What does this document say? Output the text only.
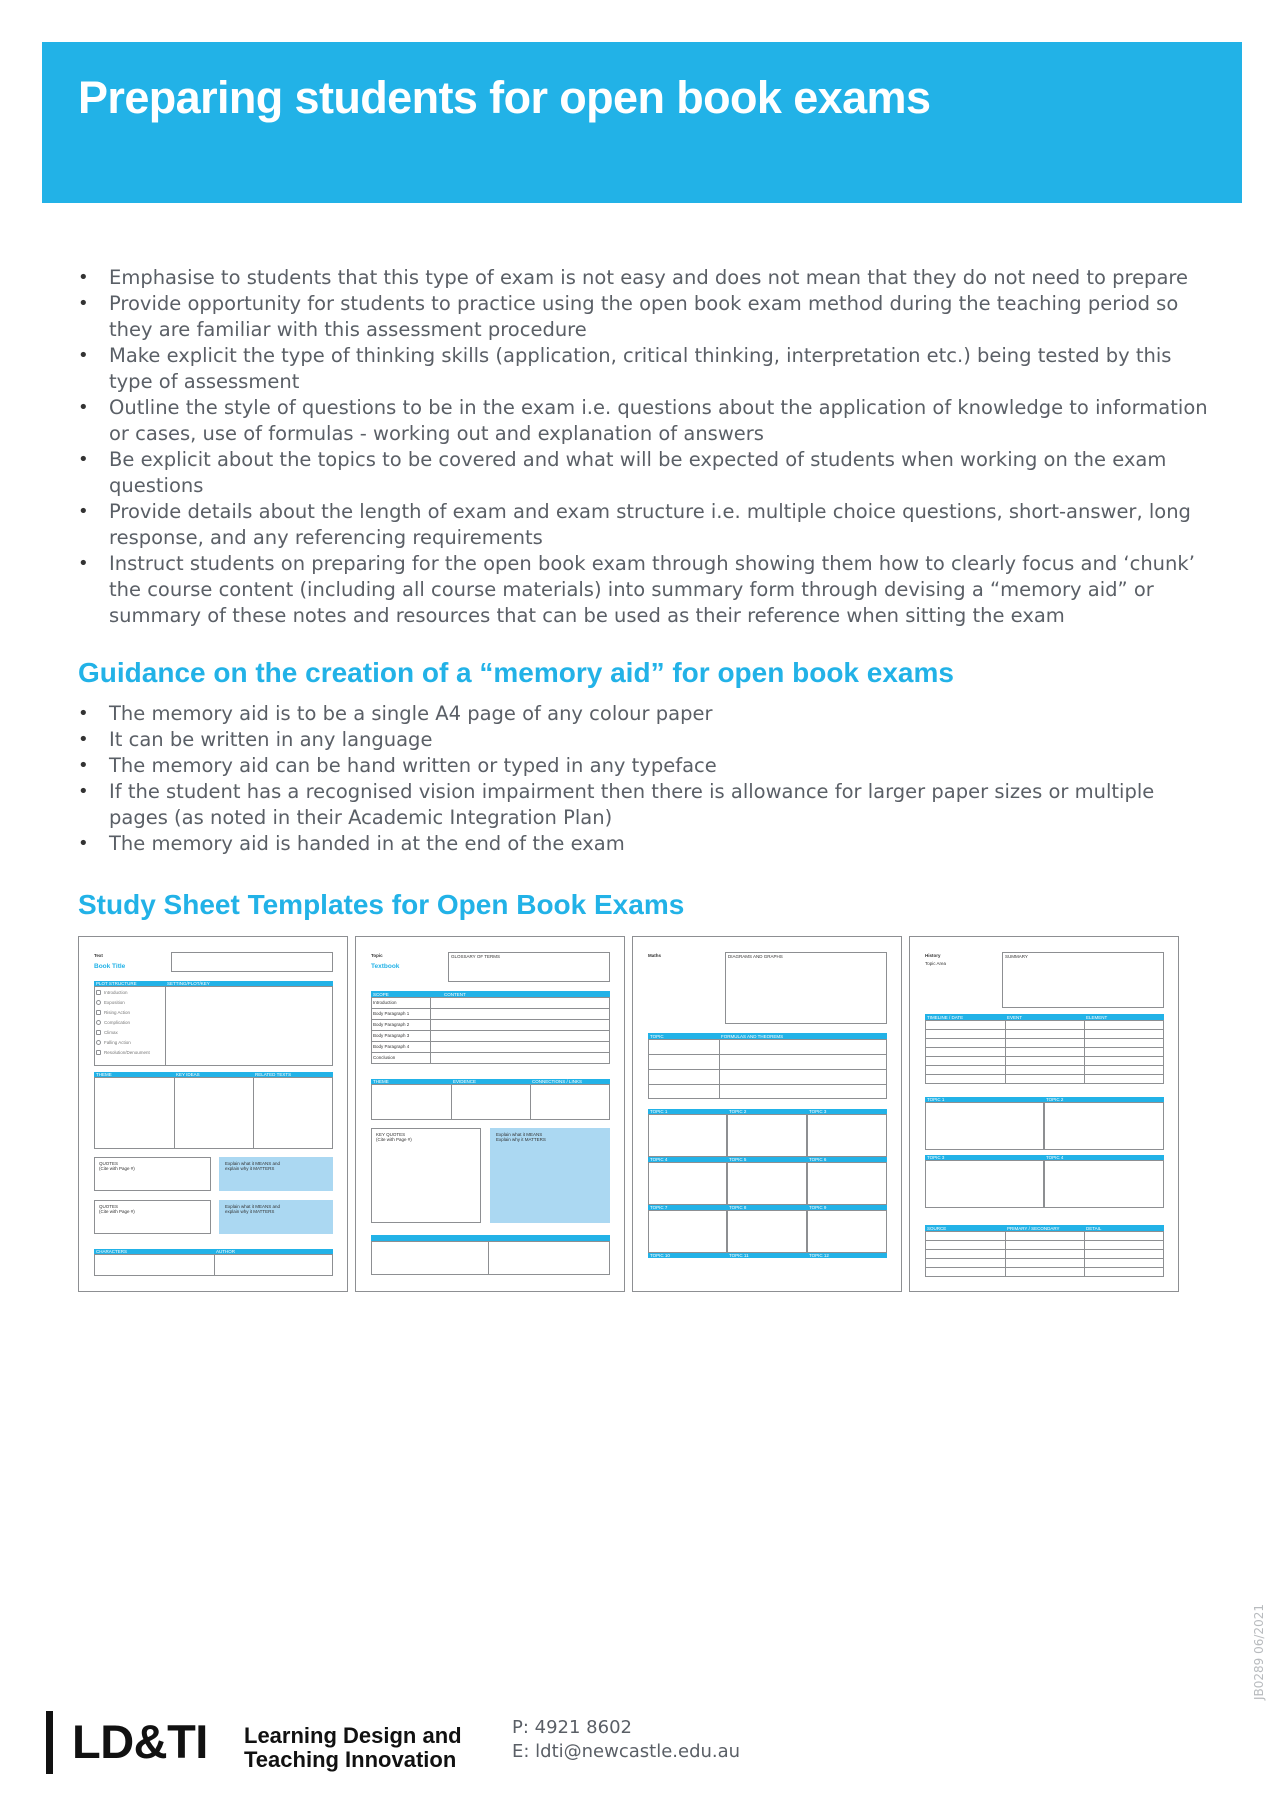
Preparing students for open book exams
• Emphasise to students that this type of exam is not easy and does not mean that they do not need to prepare
• Provide opportunity for students to practice using the open book exam method during the teaching period so they are familiar with this assessment procedure
• Make explicit the type of thinking skills (application, critical thinking, interpretation etc.) being tested by this type of assessment
• Outline the style of questions to be in the exam i.e. questions about the application of knowledge to information or cases, use of formulas - working out and explanation of answers
• Be explicit about the topics to be covered and what will be expected of students when working on the exam questions
• Provide details about the length of exam and exam structure i.e. multiple choice questions, short-answer, long response, and any referencing requirements
• Instruct students on preparing for the open book exam through showing them how to clearly focus and ‘chunk’ the course content (including all course materials) into summary form through devising a “memory aid” or summary of these notes and resources that can be used as their reference when sitting the exam
Guidance on the creation of a “memory aid” for open book exams
• The memory aid is to be a single A4 page of any colour paper
• It can be written in any language
• The memory aid can be hand written or typed in any typeface
• If the student has a recognised vision impairment then there is allowance for larger paper sizes or multiple pages (as noted in their Academic Integration Plan)
• The memory aid is handed in at the end of the exam
Study Sheet Templates for Open Book Exams
Text
Book Title
PLOT STRUCTURE	SETTING/PLOT/KEY
Introduction
Exposition
Rising Action
Complication
Climax
Falling Action
Resolution/Denoument
THEME	KEY IDEAS	RELATED TEXTS
QUOTES
(Cite with Page #)
Explain what it MEANS and
explain why it MATTERS
QUOTES
(Cite with Page #)
Explain what it MEANS and
explain why it MATTERS
CHARACTERS	AUTHOR
Topic
Textbook
GLOSSARY OF TERMS
SCOPE	CONTENT
Introduction
Body Paragraph 1
Body Paragraph 2
Body Paragraph 3
Body Paragraph 4
Conclusion
THEME	EVIDENCE	CONNECTIONS / LINKS
KEY QUOTES
(Cite with Page #)
Explain what it MEANS
Explain why it MATTERS
Maths	DIAGRAMS AND GRAPHS
TOPIC	FORMULAS AND THEOREMS
TOPIC 1	TOPIC 2	TOPIC 3
TOPIC 4	TOPIC 5	TOPIC 6
TOPIC 7	TOPIC 8	TOPIC 9
TOPIC 10	TOPIC 11	TOPIC 12
History
Topic Area
SUMMARY
TIMELINE / DATE	EVENT	ELEMENT
TOPIC 1	TOPIC 2
TOPIC 3	TOPIC 4
SOURCE	PRIMARY / SECONDARY	DETAIL
LD&TI Learning Design and
Teaching Innovation
P: 4921 8602
E: ldti@newcastle.edu.au
JB0289 06/2021
